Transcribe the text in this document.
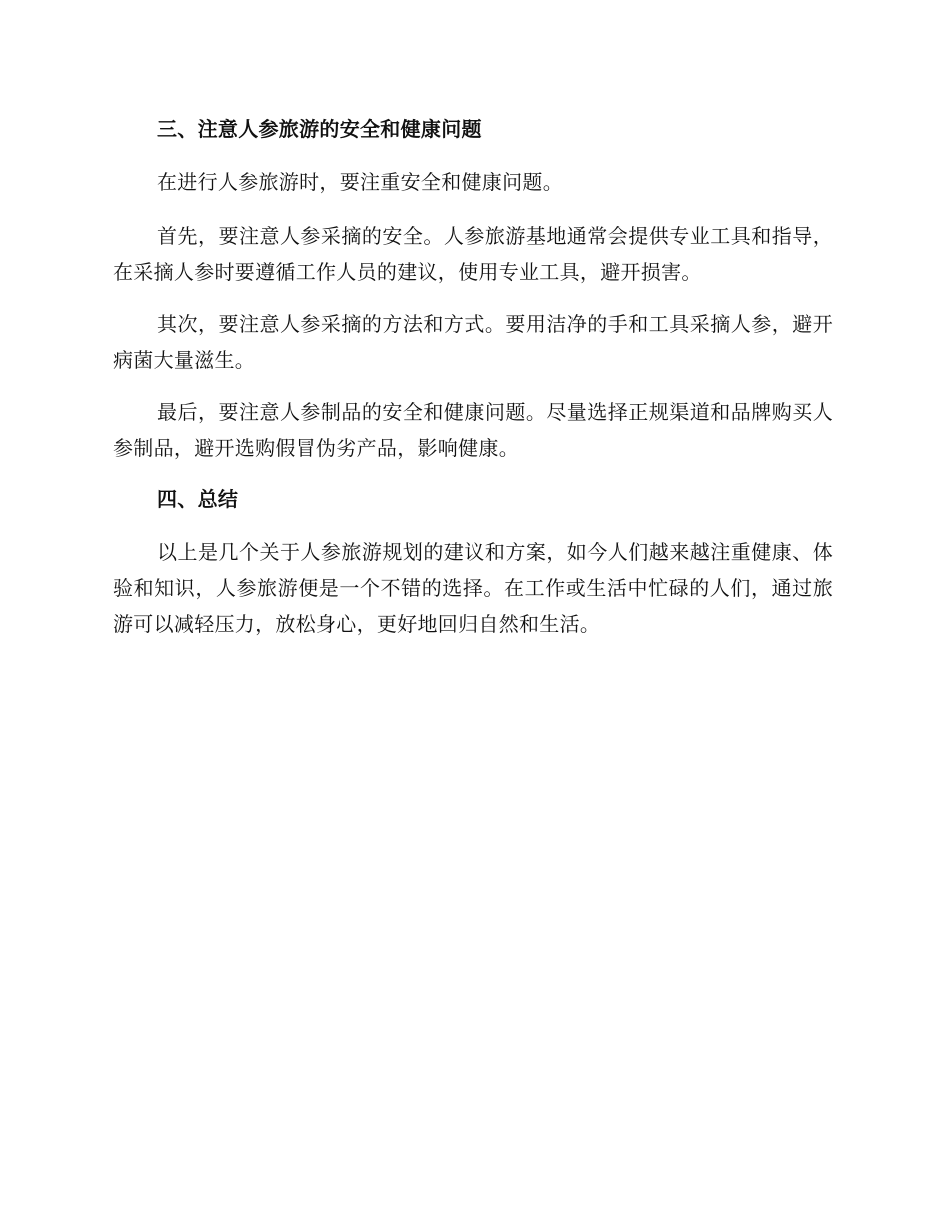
三、注意人参旅游的安全和健康问题

在进行人参旅游时，要注重安全和健康问题。

首先，要注意人参采摘的安全。人参旅游基地通常会提供专业工具和指导，在采摘人参时要遵循工作人员的建议，使用专业工具，避开损害。

其次，要注意人参采摘的方法和方式。要用洁净的手和工具采摘人参，避开病菌大量滋生。

最后，要注意人参制品的安全和健康问题。尽量选择正规渠道和品牌购买人参制品，避开选购假冒伪劣产品，影响健康。

四、总结

以上是几个关于人参旅游规划的建议和方案，如今人们越来越注重健康、体验和知识，人参旅游便是一个不错的选择。在工作或生活中忙碌的人们，通过旅游可以减轻压力，放松身心，更好地回归自然和生活。
